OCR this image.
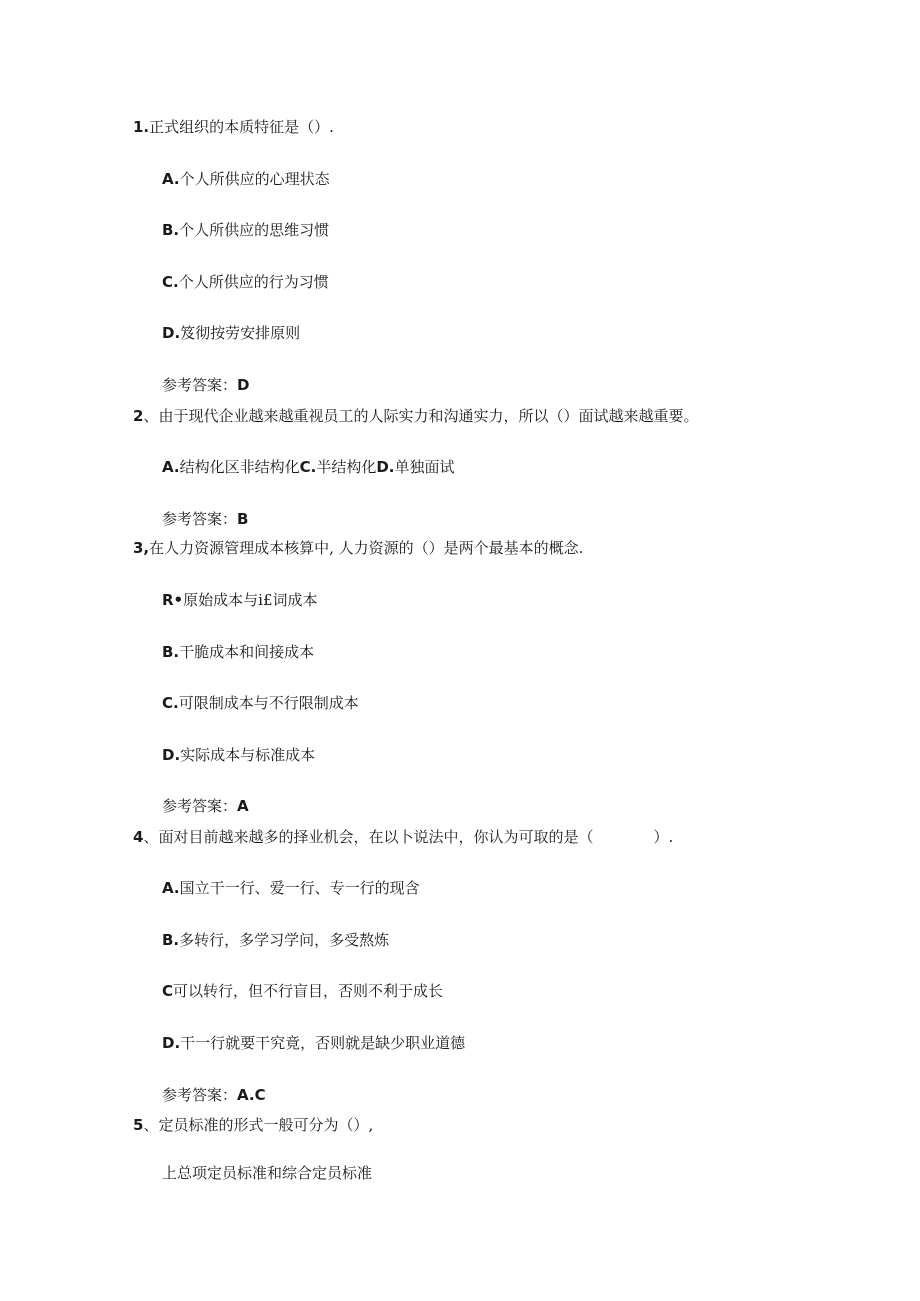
1.正式组织的本质特征是（）.
A.个人所供应的心理状态
B.个人所供应的思维习惯
C.个人所供应的行为习惯
D.笈彻按劳安排原则
参考答案：D
2、由于现代企业越来越重视员工的人际实力和沟通实力，所以（）面试越来越重要。
A.结构化区非结构化C.半结构化D.单独面试
参考答案：B
3,在人力资源管理成本核算中, 人力资源的（）是两个最基本的概念.
R•原始成本与i£词成本
B.干脆成本和间接成本
C.可限制成本与不行限制成本
D.实际成本与标准成本
参考答案：A
4、面对目前越来越多的择业机会，在以卜说法中，你认为可取的是（　　　　）.
A.国立干一行、爱一行、专一行的现含
B.多转行，多学习学问，多受熬炼
C可以转行，但不行盲目，否则不利于成长
D.干一行就要干究竟，否则就是缺少职业道德
参考答案：A.C
5、定员标准的形式一般可分为（）,
上总项定员标准和综合定员标准
